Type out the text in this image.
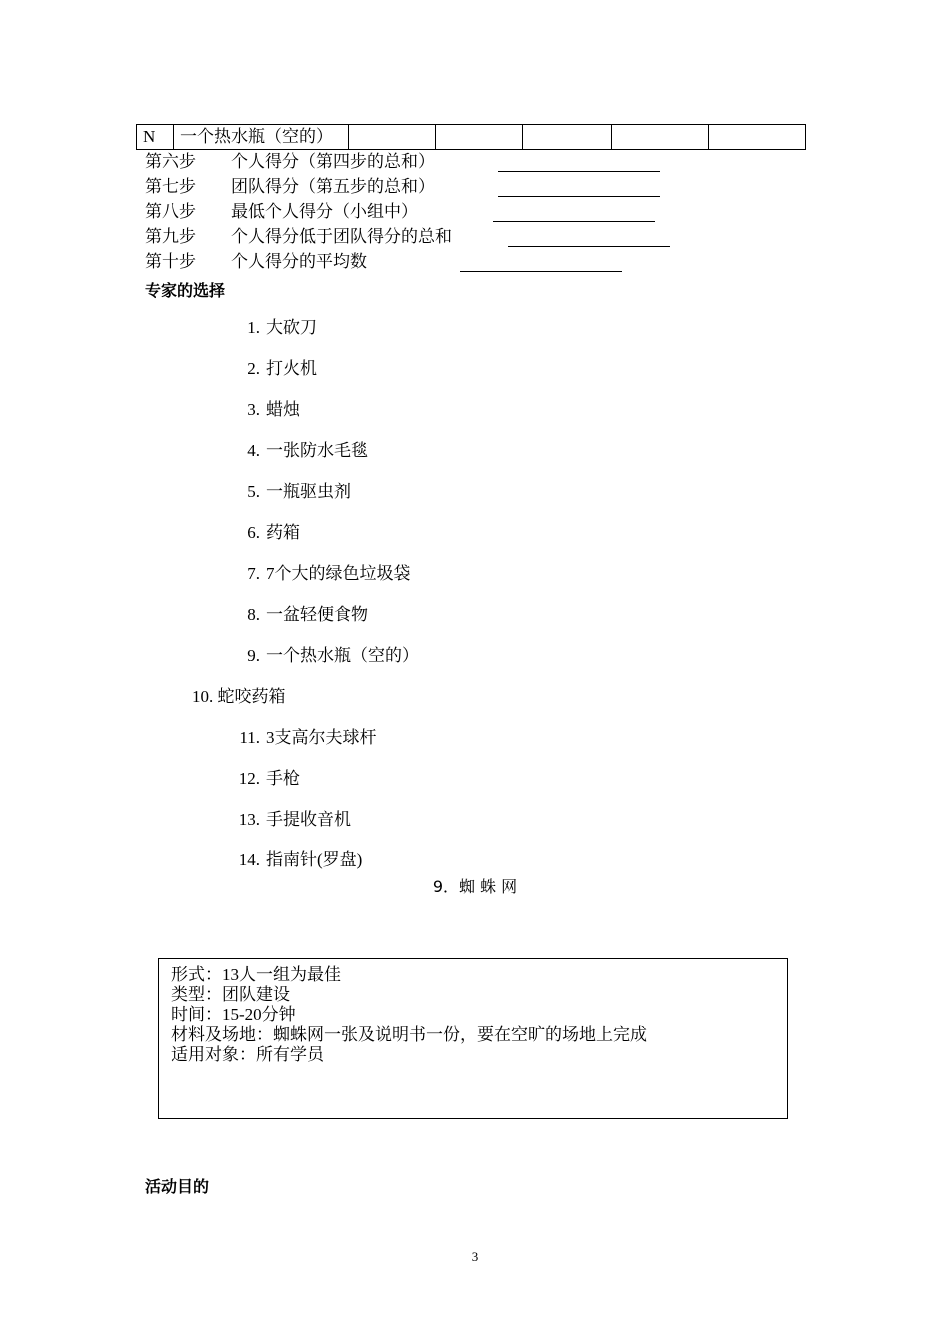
N	一个热水瓶（空的）					
第六步 个人得分（第四步的总和）
第七步 团队得分（第五步的总和）
第八步 最低个人得分（小组中）
第九步 个人得分低于团队得分的总和
第十步 个人得分的平均数
专家的选择
1. 大砍刀
2. 打火机
3. 蜡烛
4. 一张防水毛毯
5. 一瓶驱虫剂
6. 药箱
7. 7个大的绿色垃圾袋
8. 一盆轻便食物
9. 一个热水瓶（空的）
10. 蛇咬药箱
11. 3支高尔夫球杆
12. 手枪
13. 手提收音机
14. 指南针(罗盘)
9．蜘 蛛 网
形式：13人一组为最佳
类型：团队建设
时间：15-20分钟
材料及场地：蜘蛛网一张及说明书一份，要在空旷的场地上完成
适用对象：所有学员
活动目的
3
